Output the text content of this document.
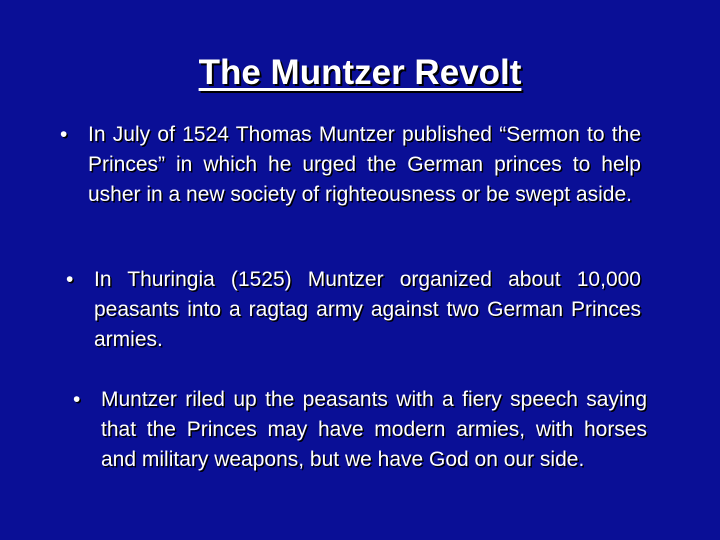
The Muntzer Revolt
• In July of 1524 Thomas Muntzer published “Sermon to the Princes” in which he urged the German princes to help usher in a new society of righteousness or be swept aside.
• In Thuringia (1525) Muntzer organized about 10,000 peasants into a ragtag army against two German Princes armies.
• Muntzer riled up the peasants with a fiery speech saying that the Princes may have modern armies, with horses and military weapons, but we have God on our side.
